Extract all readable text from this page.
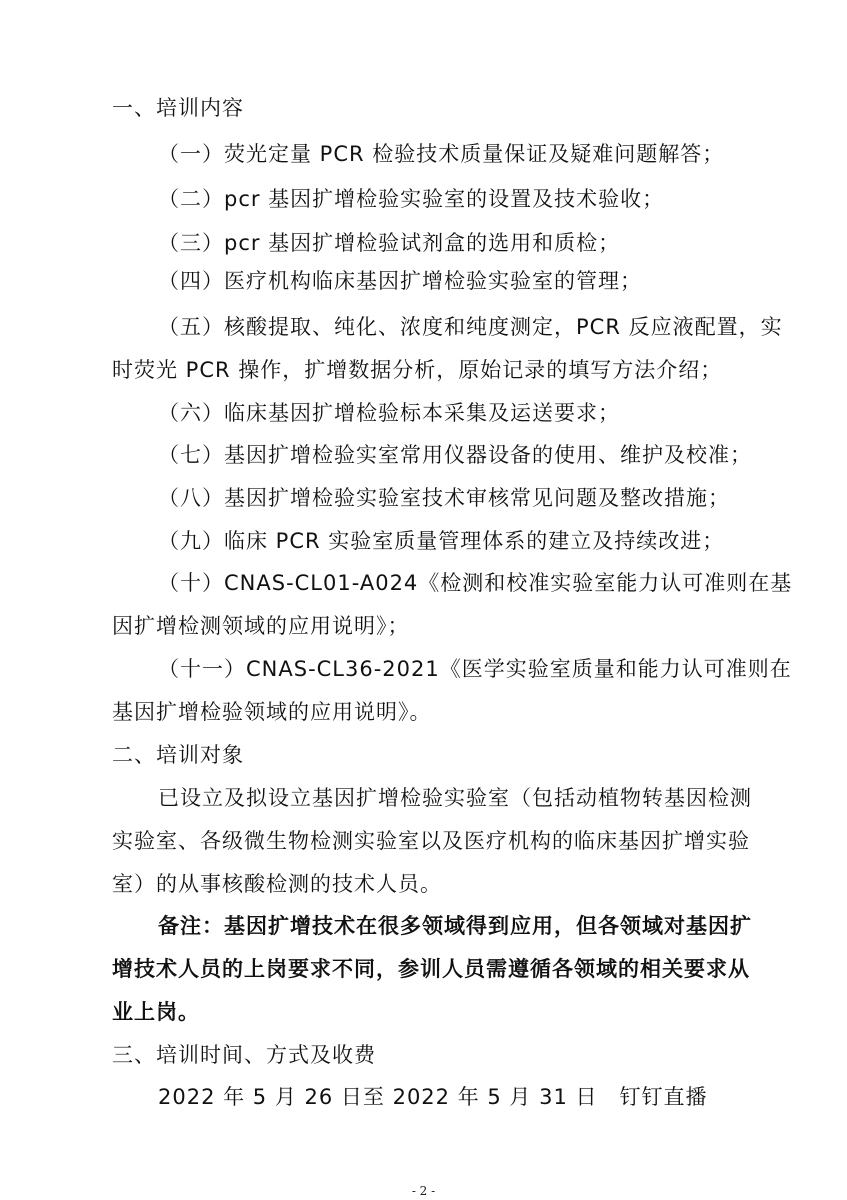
一、培训内容
（一）荧光定量 PCR 检验技术质量保证及疑难问题解答；
（二）pcr 基因扩增检验实验室的设置及技术验收；
（三）pcr 基因扩增检验试剂盒的选用和质检；
（四）医疗机构临床基因扩增检验实验室的管理；
（五）核酸提取、纯化、浓度和纯度测定，PCR 反应液配置，实
时荧光 PCR 操作，扩增数据分析，原始记录的填写方法介绍；
（六）临床基因扩增检验标本采集及运送要求；
（七）基因扩增检验实室常用仪器设备的使用、维护及校准；
（八）基因扩增检验实验室技术审核常见问题及整改措施；
（九）临床 PCR 实验室质量管理体系的建立及持续改进；
（十）CNAS-CL01-A024《检测和校准实验室能力认可准则在基
因扩增检测领域的应用说明》；
（十一）CNAS-CL36-2021《医学实验室质量和能力认可准则在
基因扩增检验领域的应用说明》。
二、培训对象
已设立及拟设立基因扩增检验实验室（包括动植物转基因检测
实验室、各级微生物检测实验室以及医疗机构的临床基因扩增实验
室）的从事核酸检测的技术人员。
备注：基因扩增技术在很多领域得到应用，但各领域对基因扩
增技术人员的上岗要求不同，参训人员需遵循各领域的相关要求从
业上岗。
三、培训时间、方式及收费
2022 年 5 月 26 日至 2022 年 5 月 31 日　钉钉直播
- 2 -
